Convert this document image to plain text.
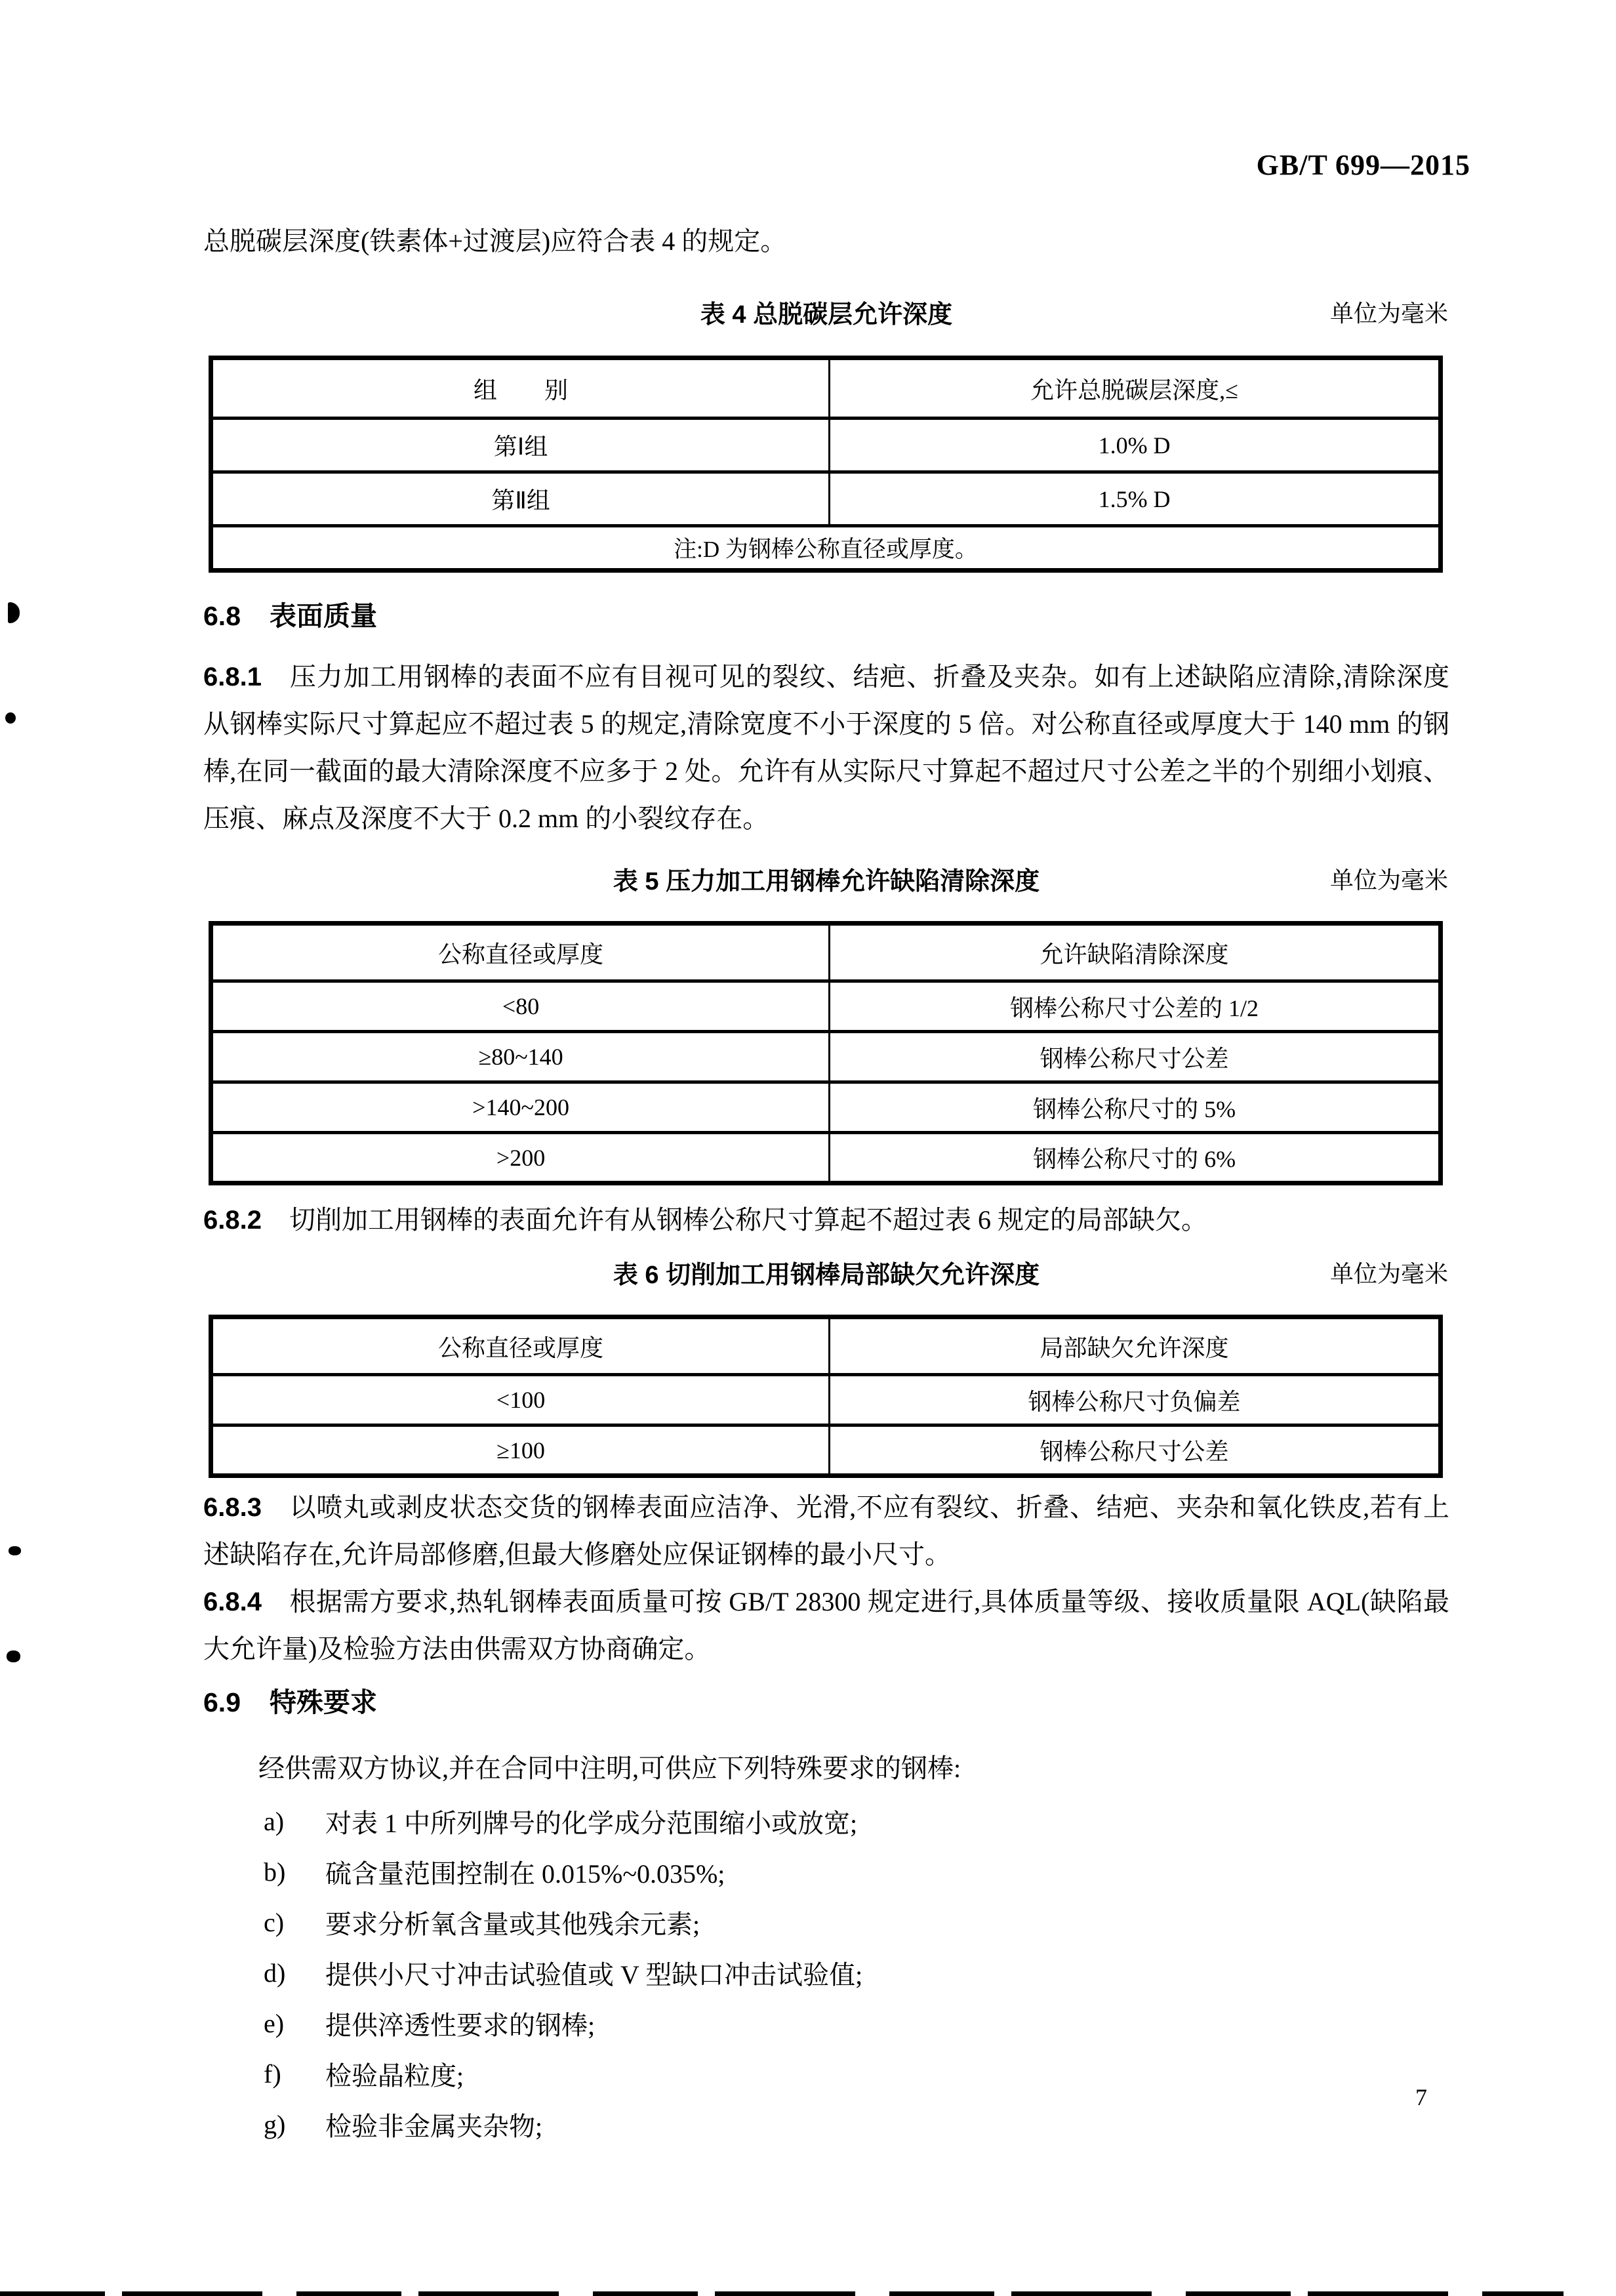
GB/T 699—2015

总脱碳层深度(铁素体+过渡层)应符合表 4 的规定。

表 4 总脱碳层允许深度	单位为毫米
组　　别	允许总脱碳层深度,≤
第Ⅰ组	1.0% D
第Ⅱ组	1.5% D
注:D 为钢棒公称直径或厚度。	
6.8 表面质量

6.8.1 压力加工用钢棒的表面不应有目视可见的裂纹、结疤、折叠及夹杂。如有上述缺陷应清除,清除深度从钢棒实际尺寸算起应不超过表 5 的规定,清除宽度不小于深度的 5 倍。对公称直径或厚度大于 140 mm 的钢棒,在同一截面的最大清除深度不应多于 2 处。允许有从实际尺寸算起不超过尺寸公差之半的个别细小划痕、压痕、麻点及深度不大于 0.2 mm 的小裂纹存在。

表 5 压力加工用钢棒允许缺陷清除深度	单位为毫米
公称直径或厚度	允许缺陷清除深度
<80	钢棒公称尺寸公差的 1/2
≥80~140	钢棒公称尺寸公差
>140~200	钢棒公称尺寸的 5%
>200	钢棒公称尺寸的 6%

6.8.2 切削加工用钢棒的表面允许有从钢棒公称尺寸算起不超过表 6 规定的局部缺欠。

表 6 切削加工用钢棒局部缺欠允许深度	单位为毫米
公称直径或厚度	局部缺欠允许深度
<100	钢棒公称尺寸负偏差
≥100	钢棒公称尺寸公差

6.8.3 以喷丸或剥皮状态交货的钢棒表面应洁净、光滑,不应有裂纹、折叠、结疤、夹杂和氧化铁皮,若有上述缺陷存在,允许局部修磨,但最大修磨处应保证钢棒的最小尺寸。

6.8.4 根据需方要求,热轧钢棒表面质量可按 GB/T 28300 规定进行,具体质量等级、接收质量限 AQL(缺陷最大允许量)及检验方法由供需双方协商确定。

6.9 特殊要求

经供需双方协议,并在合同中注明,可供应下列特殊要求的钢棒:

a)	对表 1 中所列牌号的化学成分范围缩小或放宽;
b)	硫含量范围控制在 0.015%~0.035%;
c)	要求分析氧含量或其他残余元素;
d)	提供小尺寸冲击试验值或 V 型缺口冲击试验值;
e)	提供淬透性要求的钢棒;
f)	检验晶粒度;
g)	检验非金属夹杂物;
7
